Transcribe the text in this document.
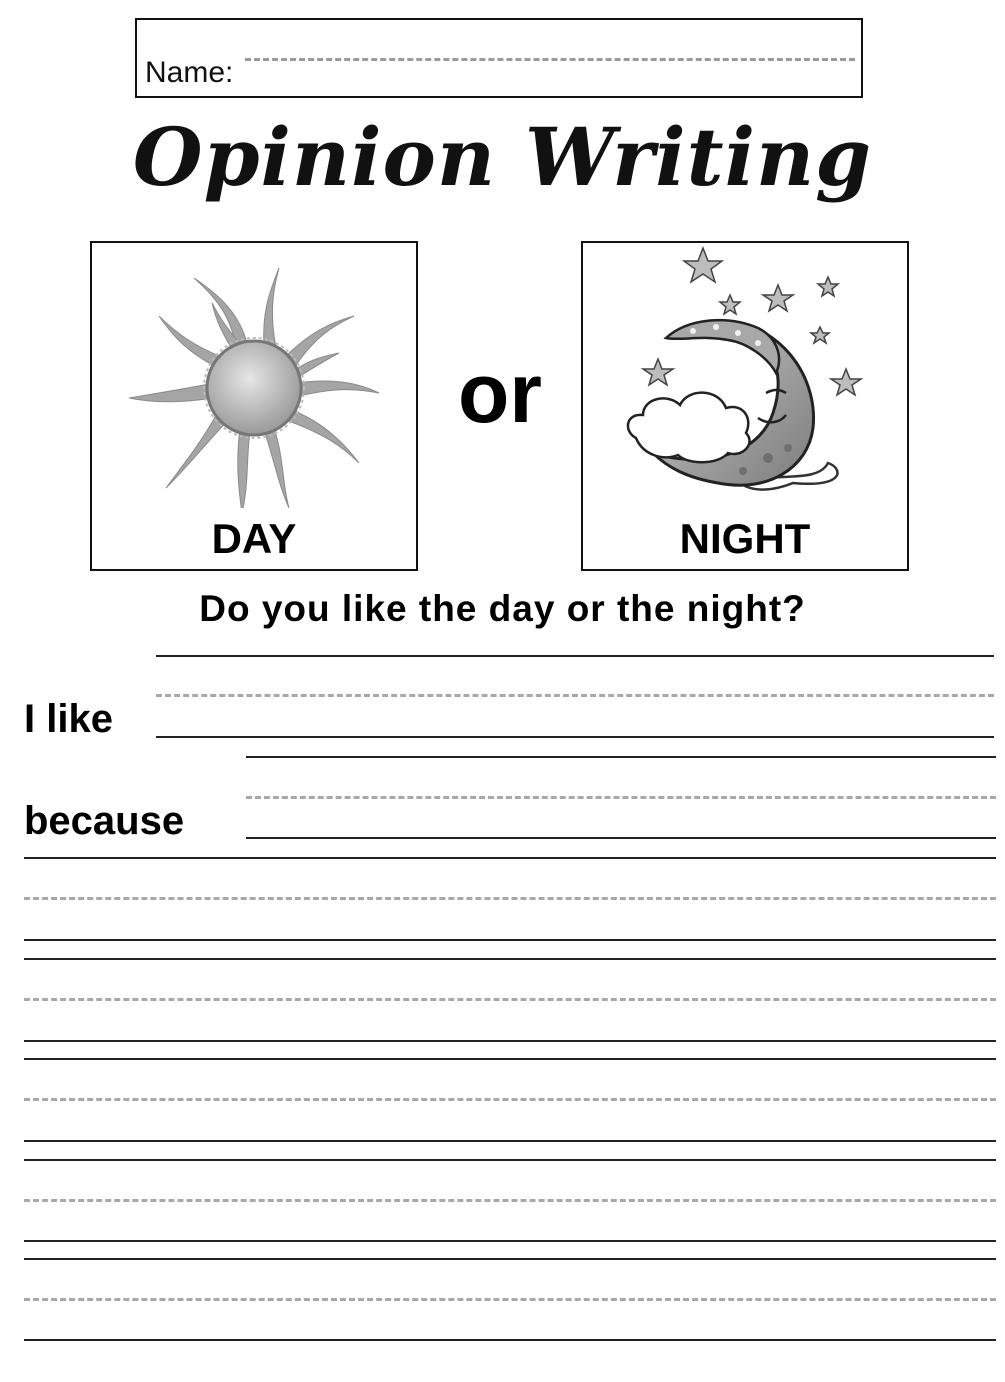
Name:
Opinion Writing
DAY
or
NIGHT
Do you like the day or the night?
I like
because
